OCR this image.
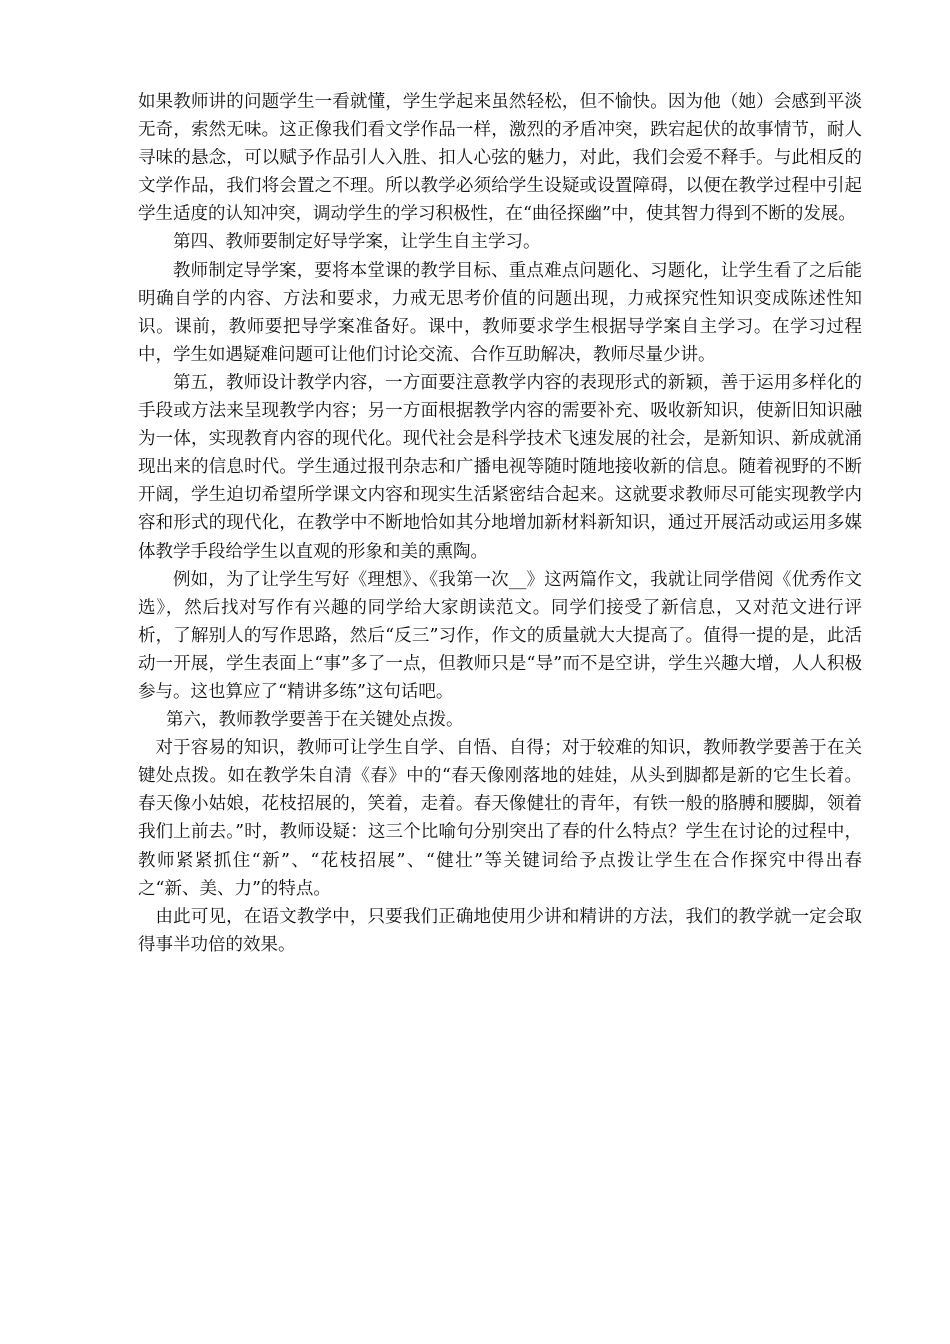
如果教师讲的问题学生一看就懂，学生学起来虽然轻松，但不愉快。因为他（她）会感到平淡无奇，索然无味。这正像我们看文学作品一样，激烈的矛盾冲突，跌宕起伏的故事情节，耐人寻味的悬念，可以赋予作品引人入胜、扣人心弦的魅力，对此，我们会爱不释手。与此相反的文学作品，我们将会置之不理。所以教学必须给学生设疑或设置障碍，以便在教学过程中引起学生适度的认知冲突，调动学生的学习积极性，在“曲径探幽”中，使其智力得到不断的发展。

第四、教师要制定好导学案，让学生自主学习。

教师制定导学案，要将本堂课的教学目标、重点难点问题化、习题化，让学生看了之后能明确自学的内容、方法和要求，力戒无思考价值的问题出现，力戒探究性知识变成陈述性知识。课前，教师要把导学案准备好。课中，教师要求学生根据导学案自主学习。在学习过程中，学生如遇疑难问题可让他们讨论交流、合作互助解决，教师尽量少讲。

第五，教师设计教学内容，一方面要注意教学内容的表现形式的新颖，善于运用多样化的手段或方法来呈现教学内容；另一方面根据教学内容的需要补充、吸收新知识，使新旧知识融为一体，实现教育内容的现代化。现代社会是科学技术飞速发展的社会，是新知识、新成就涌现出来的信息时代。学生通过报刊杂志和广播电视等随时随地接收新的信息。随着视野的不断开阔，学生迫切希望所学课文内容和现实生活紧密结合起来。这就要求教师尽可能实现教学内容和形式的现代化，在教学中不断地恰如其分地增加新材料新知识，通过开展活动或运用多媒体教学手段给学生以直观的形象和美的熏陶。

例如，为了让学生写好《理想》、《我第一次__》这两篇作文，我就让同学借阅《优秀作文选》，然后找对写作有兴趣的同学给大家朗读范文。同学们接受了新信息，又对范文进行评析，了解别人的写作思路，然后“反三”习作，作文的质量就大大提高了。值得一提的是，此活动一开展，学生表面上“事”多了一点，但教师只是“导”而不是空讲，学生兴趣大增，人人积极参与。这也算应了“精讲多练”这句话吧。

第六，教师教学要善于在关键处点拨。

对于容易的知识，教师可让学生自学、自悟、自得；对于较难的知识，教师教学要善于在关键处点拨。如在教学朱自清《春》中的“春天像刚落地的娃娃，从头到脚都是新的它生长着。春天像小姑娘，花枝招展的，笑着，走着。春天像健壮的青年，有铁一般的胳膊和腰脚，领着我们上前去。”时，教师设疑：这三个比喻句分别突出了春的什么特点？学生在讨论的过程中，教师紧紧抓住“新”、“花枝招展”、“健壮”等关键词给予点拨让学生在合作探究中得出春之“新、美、力”的特点。

由此可见，在语文教学中，只要我们正确地使用少讲和精讲的方法，我们的教学就一定会取得事半功倍的效果。
